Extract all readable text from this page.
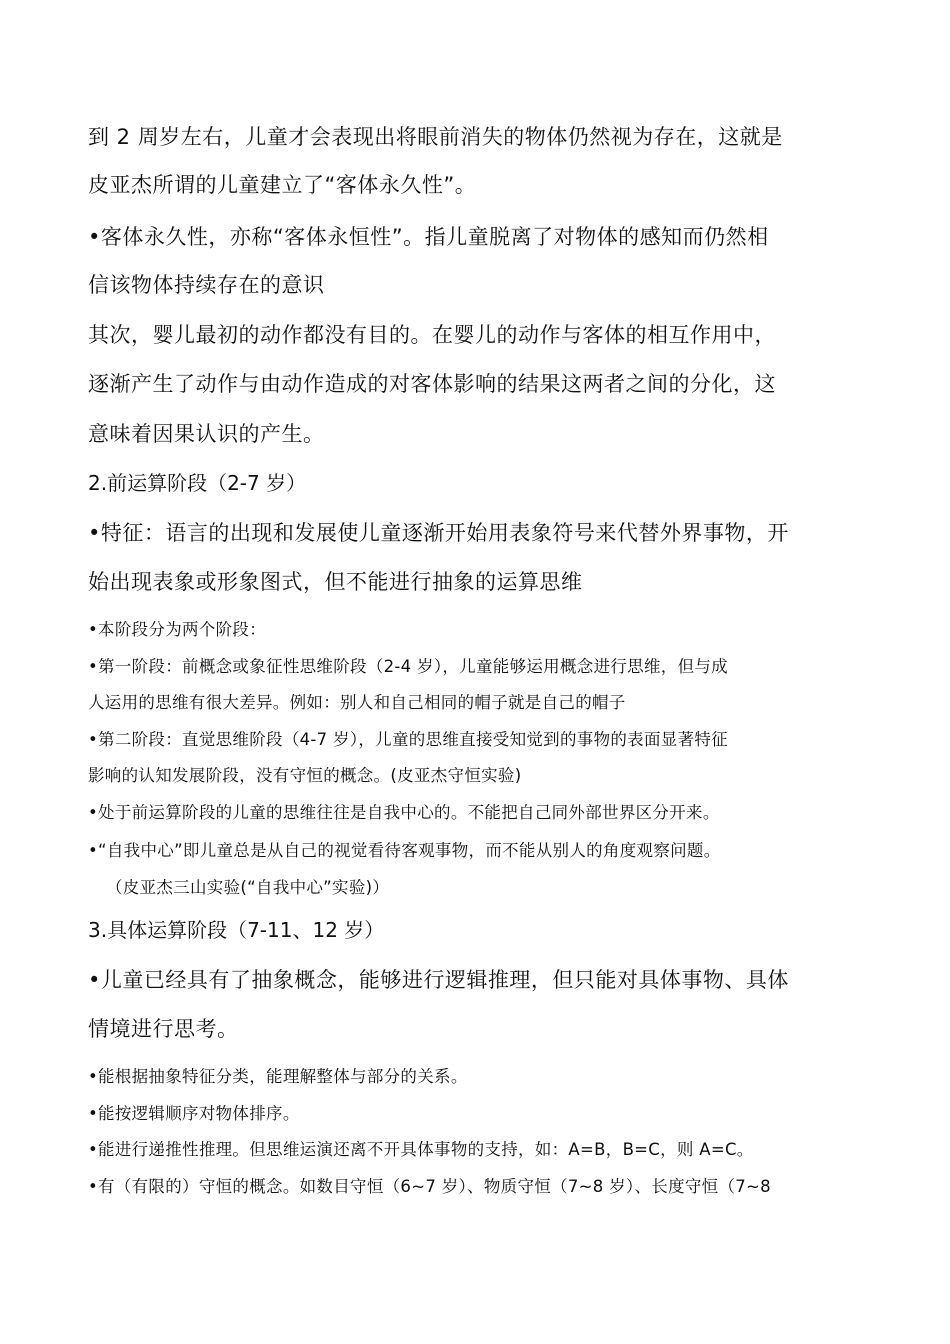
到 2 周岁左右，儿童才会表现出将眼前消失的物体仍然视为存在，这就是
皮亚杰所谓的儿童建立了“客体永久性”。
•客体永久性，亦称“客体永恒性”。指儿童脱离了对物体的感知而仍然相
信该物体持续存在的意识
其次，婴儿最初的动作都没有目的。在婴儿的动作与客体的相互作用中，
逐渐产生了动作与由动作造成的对客体影响的结果这两者之间的分化，这
意味着因果认识的产生。
2.前运算阶段（2-7 岁）
•特征：语言的出现和发展使儿童逐渐开始用表象符号来代替外界事物，开
始出现表象或形象图式，但不能进行抽象的运算思维
•本阶段分为两个阶段：
•第一阶段：前概念或象征性思维阶段（2-4 岁），儿童能够运用概念进行思维，但与成
人运用的思维有很大差异。例如：别人和自己相同的帽子就是自己的帽子
•第二阶段：直觉思维阶段（4-7 岁），儿童的思维直接受知觉到的事物的表面显著特征
影响的认知发展阶段，没有守恒的概念。(皮亚杰守恒实验)
•处于前运算阶段的儿童的思维往往是自我中心的。不能把自己同外部世界区分开来。
•“自我中心”即儿童总是从自己的视觉看待客观事物，而不能从别人的角度观察问题。
（皮亚杰三山实验(“自我中心”实验)）
3.具体运算阶段（7-11、12 岁）
•儿童已经具有了抽象概念，能够进行逻辑推理，但只能对具体事物、具体
情境进行思考。
•能根据抽象特征分类，能理解整体与部分的关系。
•能按逻辑顺序对物体排序。
•能进行递推性推理。但思维运演还离不开具体事物的支持，如：A=B，B=C，则 A=C。
•有（有限的）守恒的概念。如数目守恒（6~7 岁）、物质守恒（7~8 岁）、长度守恒（7~8
